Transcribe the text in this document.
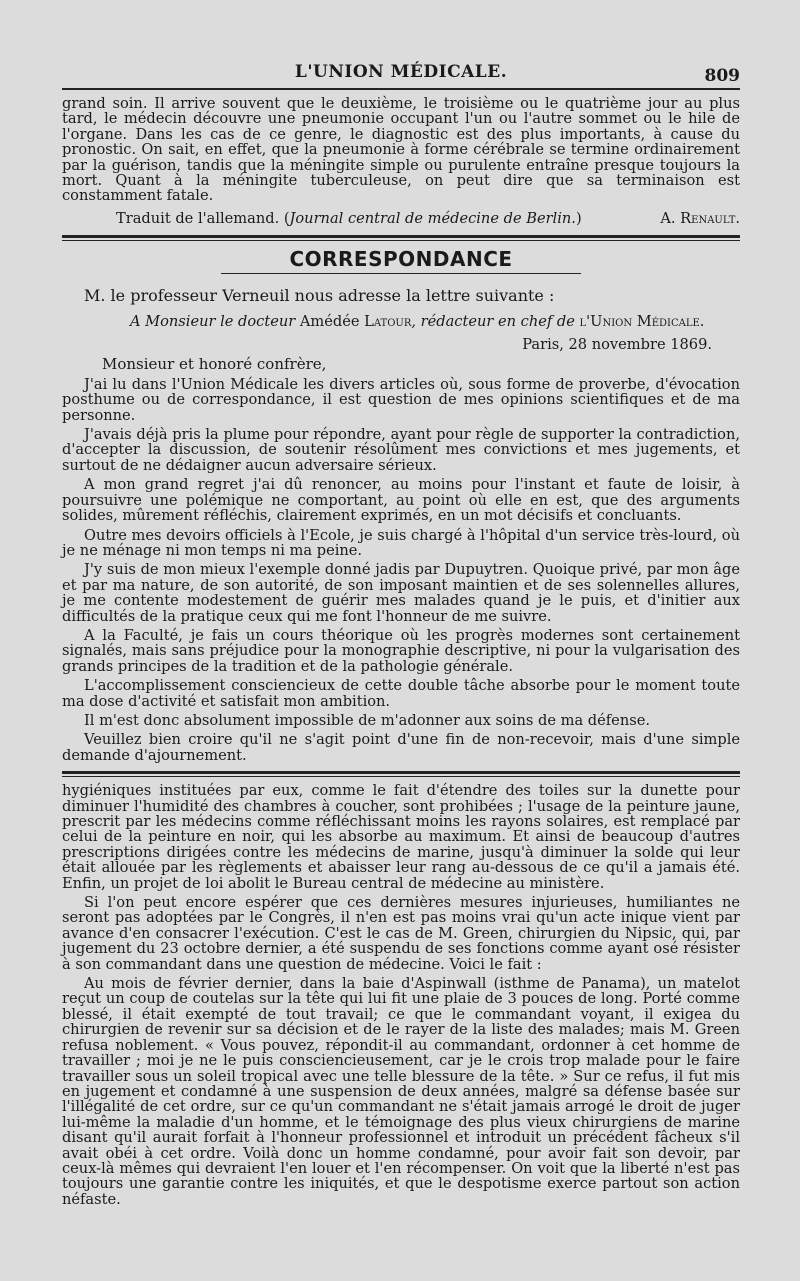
L'UNION MÉDICALE.	809

grand soin. Il arrive souvent que le deuxième, le troisième ou le quatrième jour au plus tard, le médecin découvre une pneumonie occupant l'un ou l'autre sommet ou le hile de l'organe. Dans les cas de ce genre, le diagnostic est des plus importants, à cause du pronostic. On sait, en effet, que la pneumonie à forme cérébrale se termine ordinairement par la guérison, tandis que la méningite simple ou purulente entraîne presque toujours la mort. Quant à la méningite tuberculeuse, on peut dire que sa terminaison est constamment fatale.

Traduit de l'allemand. (Journal central de médecine de Berlin.)	A. Renault.
CORRESPONDANCE
M. le professeur Verneuil nous adresse la lettre suivante :
A Monsieur le docteur Amédée Latour, rédacteur en chef de l'Union Médicale.
Paris, 28 novembre 1869.
Monsieur et honoré confrère,

J'ai lu dans l'Union Médicale les divers articles où, sous forme de proverbe, d'évocation posthume ou de correspondance, il est question de mes opinions scientifiques et de ma personne.

J'avais déjà pris la plume pour répondre, ayant pour règle de supporter la contradiction, d'accepter la discussion, de soutenir résolûment mes convictions et mes jugements, et surtout de ne dédaigner aucun adversaire sérieux.

A mon grand regret j'ai dû renoncer, au moins pour l'instant et faute de loisir, à poursuivre une polémique ne comportant, au point où elle en est, que des arguments solides, mûrement réfléchis, clairement exprimés, en un mot décisifs et concluants.

Outre mes devoirs officiels à l'Ecole, je suis chargé à l'hôpital d'un service très-lourd, où je ne ménage ni mon temps ni ma peine.

J'y suis de mon mieux l'exemple donné jadis par Dupuytren. Quoique privé, par mon âge et par ma nature, de son autorité, de son imposant maintien et de ses solennelles allures, je me contente modestement de guérir mes malades quand je le puis, et d'initier aux difficultés de la pratique ceux qui me font l'honneur de me suivre.

A la Faculté, je fais un cours théorique où les progrès modernes sont certainement signalés, mais sans préjudice pour la monographie descriptive, ni pour la vulgarisation des grands principes de la tradition et de la pathologie générale.

L'accomplissement consciencieux de cette double tâche absorbe pour le moment toute ma dose d'activité et satisfait mon ambition.

Il m'est donc absolument impossible de m'adonner aux soins de ma défense.

Veuillez bien croire qu'il ne s'agit point d'une fin de non-recevoir, mais d'une simple demande d'ajournement.

hygiéniques instituées par eux, comme le fait d'étendre des toiles sur la dunette pour diminuer l'humidité des chambres à coucher, sont prohibées ; l'usage de la peinture jaune, prescrit par les médecins comme réfléchissant moins les rayons solaires, est remplacé par celui de la peinture en noir, qui les absorbe au maximum. Et ainsi de beaucoup d'autres prescriptions dirigées contre les médecins de marine, jusqu'à diminuer la solde qui leur était allouée par les règlements et abaisser leur rang au-dessous de ce qu'il a jamais été. Enfin, un projet de loi abolit le Bureau central de médecine au ministère.

Si l'on peut encore espérer que ces dernières mesures injurieuses, humiliantes ne seront pas adoptées par le Congrès, il n'en est pas moins vrai qu'un acte inique vient par avance d'en consacrer l'exécution. C'est le cas de M. Green, chirurgien du Nipsic, qui, par jugement du 23 octobre dernier, a été suspendu de ses fonctions comme ayant osé résister à son commandant dans une question de médecine. Voici le fait :

Au mois de février dernier, dans la baie d'Aspinwall (isthme de Panama), un matelot reçut un coup de coutelas sur la tête qui lui fit une plaie de 3 pouces de long. Porté comme blessé, il était exempté de tout travail; ce que le commandant voyant, il exigea du chirurgien de revenir sur sa décision et de le rayer de la liste des malades; mais M. Green refusa noblement. « Vous pouvez, répondit-il au commandant, ordonner à cet homme de travailler ; moi je ne le puis consciencieusement, car je le crois trop malade pour le faire travailler sous un soleil tropical avec une telle blessure de la tête. » Sur ce refus, il fut mis en jugement et condamné à une suspension de deux années, malgré sa défense basée sur l'illégalité de cet ordre, sur ce qu'un commandant ne s'était jamais arrogé le droit de juger lui-même la maladie d'un homme, et le témoignage des plus vieux chirurgiens de marine disant qu'il aurait forfait à l'honneur professionnel et introduit un précédent fâcheux s'il avait obéi à cet ordre. Voilà donc un homme condamné, pour avoir fait son devoir, par ceux-là mêmes qui devraient l'en louer et l'en récompenser. On voit que la liberté n'est pas toujours une garantie contre les iniquités, et que le despotisme exerce partout son action néfaste.
